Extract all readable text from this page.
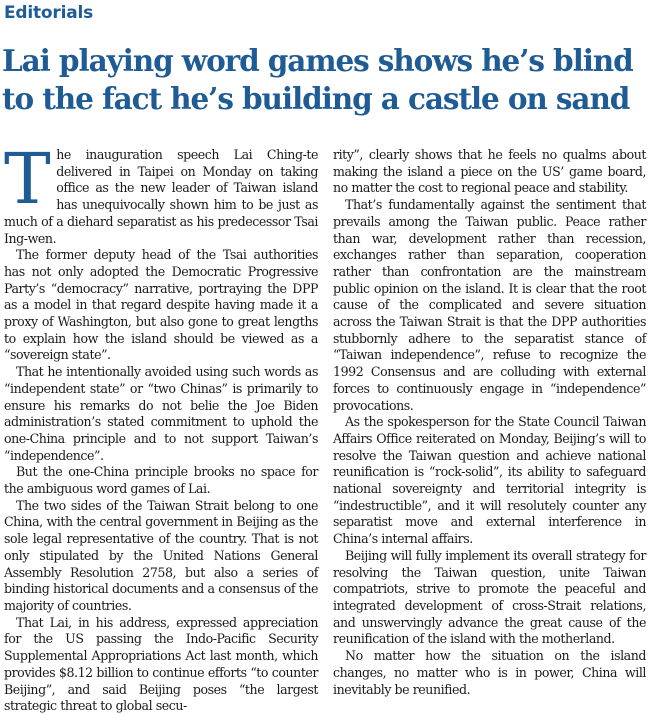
Editorials
Lai playing word games shows he’s blind to the fact he’s building a castle on sand

The inauguration speech Lai Ching-te delivered in Taipei on Monday on taking office as the new leader of Taiwan island has unequivocally shown him to be just as much of a diehard separatist as his predecessor Tsai Ing-wen.

The former deputy head of the Tsai authorities has not only adopted the Democratic Progressive Party’s “democracy” narrative, portraying the DPP as a model in that regard despite having made it a proxy of Washington, but also gone to great lengths to explain how the island should be viewed as a “sovereign state”.

That he intentionally avoided using such words as “independent state” or “two Chinas” is primarily to ensure his remarks do not belie the Joe Biden administration’s stated commitment to uphold the one-China principle and to not support Taiwan’s “independence”.

But the one-China principle brooks no space for the ambiguous word games of Lai.

The two sides of the Taiwan Strait belong to one China, with the central government in Beijing as the sole legal representative of the country. That is not only stipulated by the United Nations General Assembly Resolution 2758, but also a series of binding historical documents and a consensus of the majority of countries.

That Lai, in his address, expressed appreciation for the US passing the Indo-Pacific Security Supplemental Appropriations Act last month, which provides $8.12 billion to continue efforts “to counter Beijing”, and said Beijing poses “the largest strategic threat to global secu-

rity”, clearly shows that he feels no qualms about making the island a piece on the US’ game board, no matter the cost to regional peace and stability.

That’s fundamentally against the sentiment that prevails among the Taiwan public. Peace rather than war, development rather than recession, exchanges rather than separation, cooperation rather than confrontation are the mainstream public opinion on the island. It is clear that the root cause of the complicated and severe situation across the Taiwan Strait is that the DPP authorities stubbornly adhere to the separatist stance of “Taiwan independence”, refuse to recognize the 1992 Consensus and are colluding with external forces to continuously engage in “independence” provocations.

As the spokesperson for the State Council Taiwan Affairs Office reiterated on Monday, Beijing’s will to resolve the Taiwan question and achieve national reunification is “rock-solid”, its ability to safeguard national sovereignty and territorial integrity is “indestructible”, and it will resolutely counter any separatist move and external interference in China’s internal affairs.

Beijing will fully implement its overall strategy for resolving the Taiwan question, unite Taiwan compatriots, strive to promote the peaceful and integrated development of cross-Strait relations, and unswervingly advance the great cause of the reunification of the island with the motherland.

No matter how the situation on the island changes, no matter who is in power, China will inevitably be reunified.
